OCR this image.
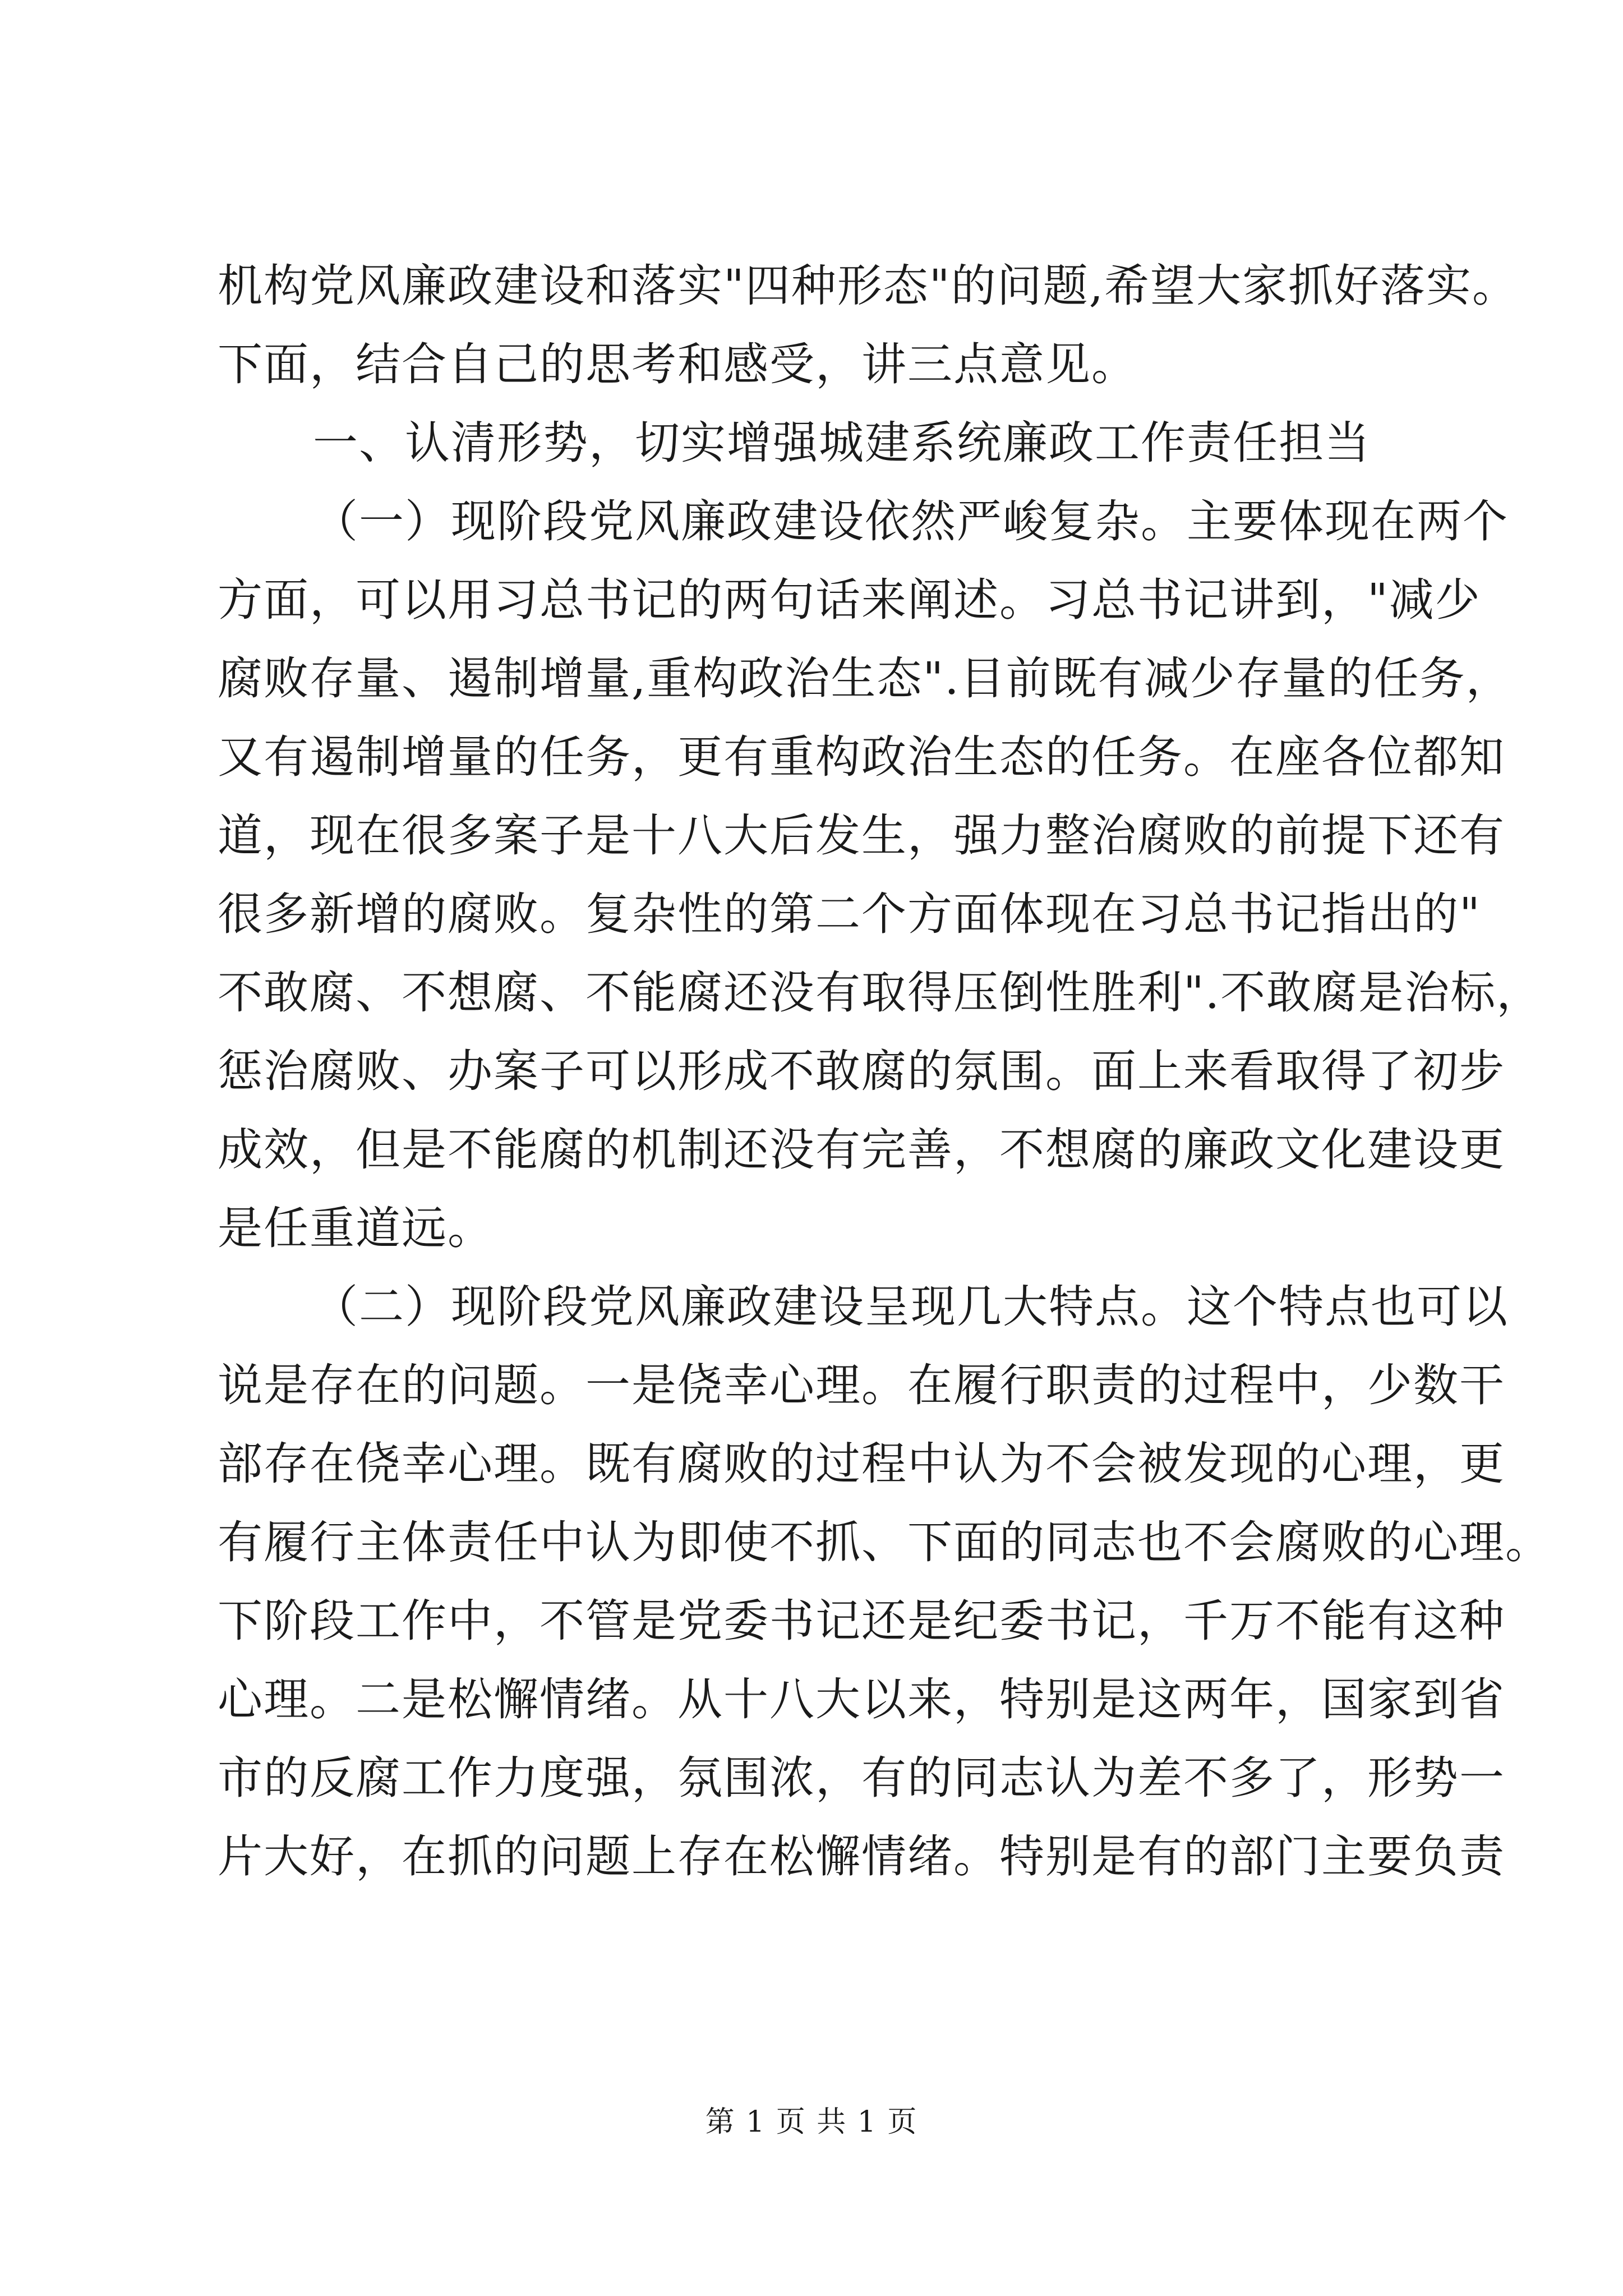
机构党风廉政建设和落实"四种形态"的问题,希望大家抓好落实。
下面，结合自己的思考和感受，讲三点意见。
一、认清形势，切实增强城建系统廉政工作责任担当
（一）现阶段党风廉政建设依然严峻复杂。主要体现在两个
方面，可以用习总书记的两句话来阐述。习总书记讲到，"减少
腐败存量、遏制增量,重构政治生态".目前既有减少存量的任务，
又有遏制增量的任务，更有重构政治生态的任务。在座各位都知
道，现在很多案子是十八大后发生，强力整治腐败的前提下还有
很多新增的腐败。复杂性的第二个方面体现在习总书记指出的"
不敢腐、不想腐、不能腐还没有取得压倒性胜利".不敢腐是治标，
惩治腐败、办案子可以形成不敢腐的氛围。面上来看取得了初步
成效，但是不能腐的机制还没有完善，不想腐的廉政文化建设更
是任重道远。
（二）现阶段党风廉政建设呈现几大特点。这个特点也可以
说是存在的问题。一是侥幸心理。在履行职责的过程中，少数干
部存在侥幸心理。既有腐败的过程中认为不会被发现的心理，更
有履行主体责任中认为即使不抓、下面的同志也不会腐败的心理。
下阶段工作中，不管是党委书记还是纪委书记，千万不能有这种
心理。二是松懈情绪。从十八大以来，特别是这两年，国家到省
市的反腐工作力度强，氛围浓，有的同志认为差不多了，形势一
片大好，在抓的问题上存在松懈情绪。特别是有的部门主要负责
第 1 页 共 1 页
